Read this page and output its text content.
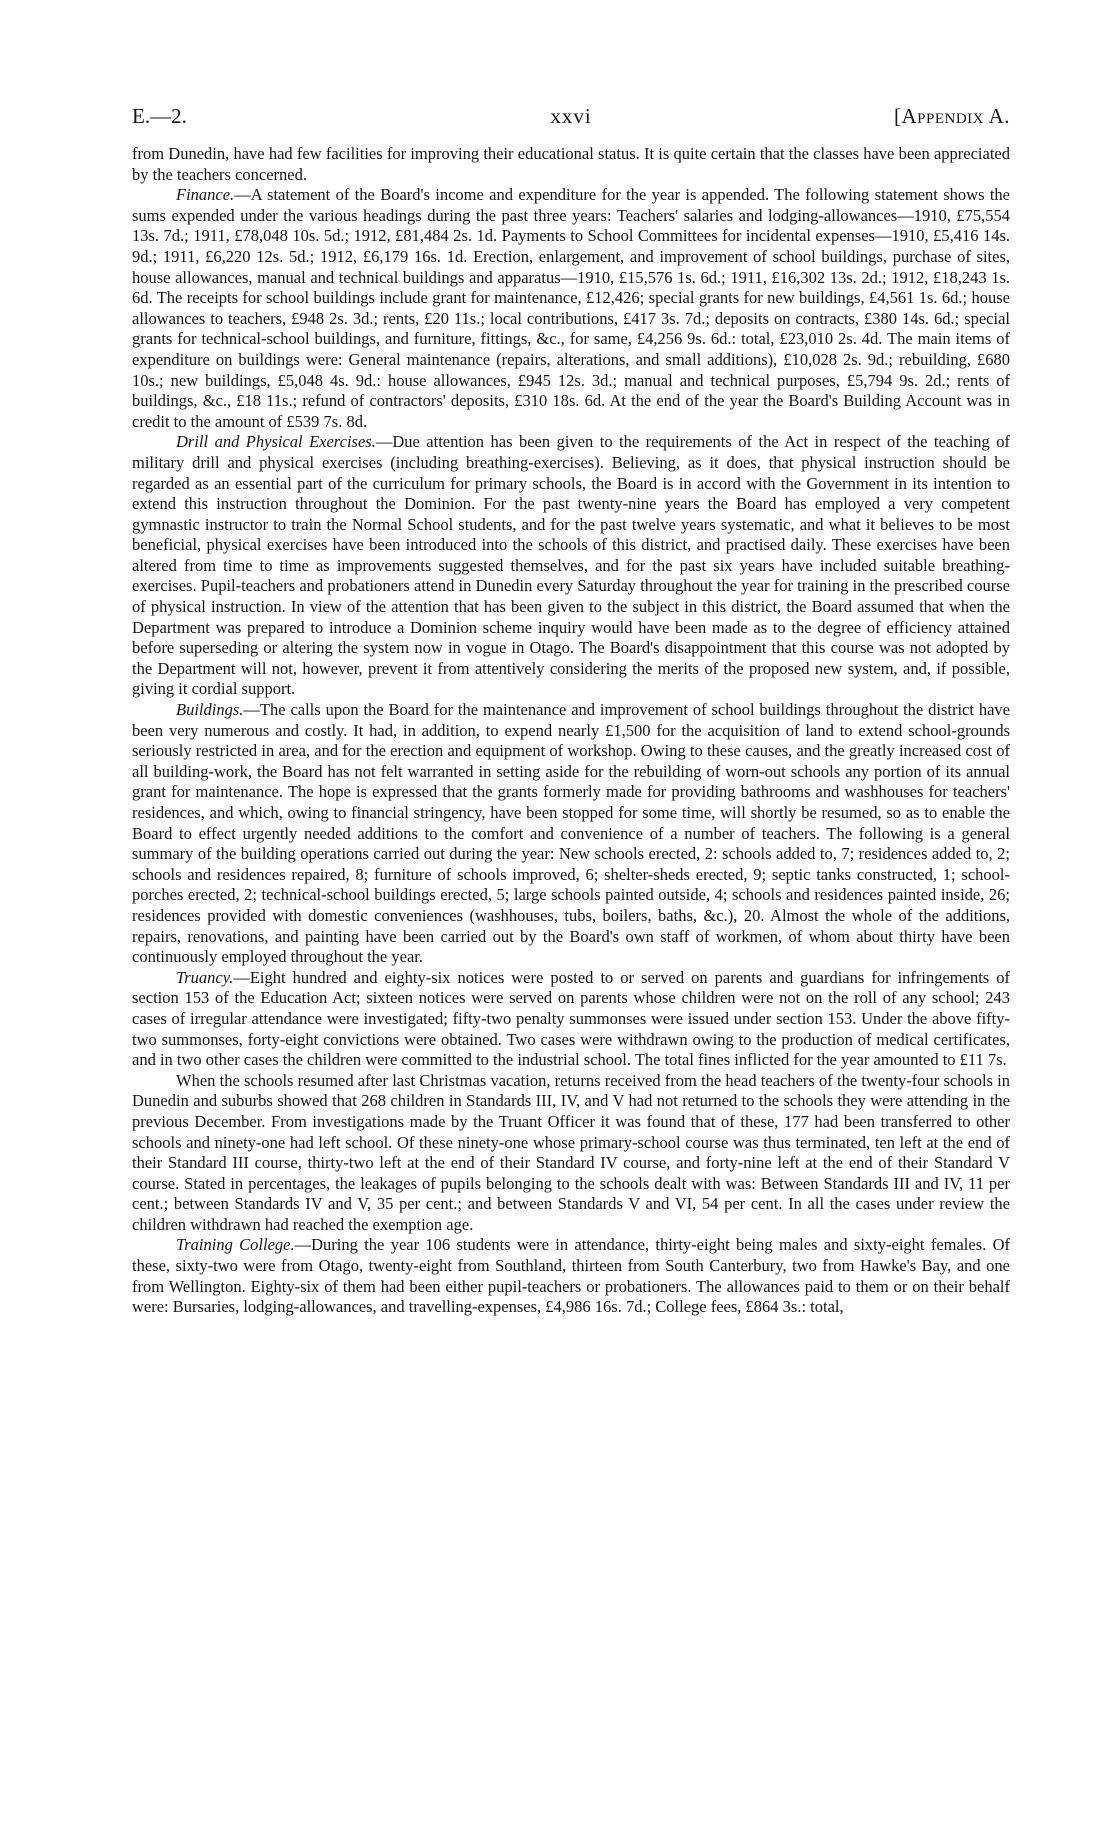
E.—2.	xxvi	[Appendix A.

from Dunedin, have had few facilities for improving their educational status. It is quite certain that the classes have been appreciated by the teachers concerned.

Finance.—A statement of the Board's income and expenditure for the year is appended. The following statement shows the sums expended under the various headings during the past three years: Teachers' salaries and lodging-allowances—1910, £75,554 13s. 7d.; 1911, £78,048 10s. 5d.; 1912, £81,484 2s. 1d. Payments to School Committees for incidental expenses—1910, £5,416 14s. 9d.; 1911, £6,220 12s. 5d.; 1912, £6,179 16s. 1d. Erection, enlargement, and improvement of school buildings, purchase of sites, house allowances, manual and technical buildings and apparatus—1910, £15,576 1s. 6d.; 1911, £16,302 13s. 2d.; 1912, £18,243 1s. 6d. The receipts for school buildings include grant for maintenance, £12,426; special grants for new buildings, £4,561 1s. 6d.; house allowances to teachers, £948 2s. 3d.; rents, £20 11s.; local contributions, £417 3s. 7d.; deposits on contracts, £380 14s. 6d.; special grants for technical-school buildings, and furniture, fittings, &c., for same, £4,256 9s. 6d.: total, £23,010 2s. 4d. The main items of expenditure on buildings were: General maintenance (repairs, alterations, and small additions), £10,028 2s. 9d.; rebuilding, £680 10s.; new buildings, £5,048 4s. 9d.: house allowances, £945 12s. 3d.; manual and technical purposes, £5,794 9s. 2d.; rents of buildings, &c., £18 11s.; refund of contractors' deposits, £310 18s. 6d. At the end of the year the Board's Building Account was in credit to the amount of £539 7s. 8d.

Drill and Physical Exercises.—Due attention has been given to the requirements of the Act in respect of the teaching of military drill and physical exercises (including breathing-exercises). Believing, as it does, that physical instruction should be regarded as an essential part of the curriculum for primary schools, the Board is in accord with the Government in its intention to extend this instruction throughout the Dominion. For the past twenty-nine years the Board has employed a very competent gymnastic instructor to train the Normal School students, and for the past twelve years systematic, and what it believes to be most beneficial, physical exercises have been introduced into the schools of this district, and practised daily. These exercises have been altered from time to time as improvements suggested themselves, and for the past six years have included suitable breathing-exercises. Pupil-teachers and probationers attend in Dunedin every Saturday throughout the year for training in the prescribed course of physical instruction. In view of the attention that has been given to the subject in this district, the Board assumed that when the Department was prepared to introduce a Dominion scheme inquiry would have been made as to the degree of efficiency attained before superseding or altering the system now in vogue in Otago. The Board's disappointment that this course was not adopted by the Department will not, however, prevent it from attentively considering the merits of the proposed new system, and, if possible, giving it cordial support.

Buildings.—The calls upon the Board for the maintenance and improvement of school buildings throughout the district have been very numerous and costly. It had, in addition, to expend nearly £1,500 for the acquisition of land to extend school-grounds seriously restricted in area, and for the erection and equipment of workshop. Owing to these causes, and the greatly increased cost of all building-work, the Board has not felt warranted in setting aside for the rebuilding of worn-out schools any portion of its annual grant for maintenance. The hope is expressed that the grants formerly made for providing bathrooms and washhouses for teachers' residences, and which, owing to financial stringency, have been stopped for some time, will shortly be resumed, so as to enable the Board to effect urgently needed additions to the comfort and convenience of a number of teachers. The following is a general summary of the building operations carried out during the year: New schools erected, 2: schools added to, 7; residences added to, 2; schools and residences repaired, 8; furniture of schools improved, 6; shelter-sheds erected, 9; septic tanks constructed, 1; school-porches erected, 2; technical-school buildings erected, 5; large schools painted outside, 4; schools and residences painted inside, 26; residences provided with domestic conveniences (washhouses, tubs, boilers, baths, &c.), 20. Almost the whole of the additions, repairs, renovations, and painting have been carried out by the Board's own staff of workmen, of whom about thirty have been continuously employed throughout the year.

Truancy.—Eight hundred and eighty-six notices were posted to or served on parents and guardians for infringements of section 153 of the Education Act; sixteen notices were served on parents whose children were not on the roll of any school; 243 cases of irregular attendance were investigated; fifty-two penalty summonses were issued under section 153. Under the above fifty-two summonses, forty-eight convictions were obtained. Two cases were withdrawn owing to the production of medical certificates, and in two other cases the children were committed to the industrial school. The total fines inflicted for the year amounted to £11 7s.

When the schools resumed after last Christmas vacation, returns received from the head teachers of the twenty-four schools in Dunedin and suburbs showed that 268 children in Standards III, IV, and V had not returned to the schools they were attending in the previous December. From investigations made by the Truant Officer it was found that of these, 177 had been transferred to other schools and ninety-one had left school. Of these ninety-one whose primary-school course was thus terminated, ten left at the end of their Standard III course, thirty-two left at the end of their Standard IV course, and forty-nine left at the end of their Standard V course. Stated in percentages, the leakages of pupils belonging to the schools dealt with was: Between Standards III and IV, 11 per cent.; between Standards IV and V, 35 per cent.; and between Standards V and VI, 54 per cent. In all the cases under review the children withdrawn had reached the exemption age.

Training College.—During the year 106 students were in attendance, thirty-eight being males and sixty-eight females. Of these, sixty-two were from Otago, twenty-eight from Southland, thirteen from South Canterbury, two from Hawke's Bay, and one from Wellington. Eighty-six of them had been either pupil-teachers or probationers. The allowances paid to them or on their behalf were: Bursaries, lodging-allowances, and travelling-expenses, £4,986 16s. 7d.; College fees, £864 3s.: total,
